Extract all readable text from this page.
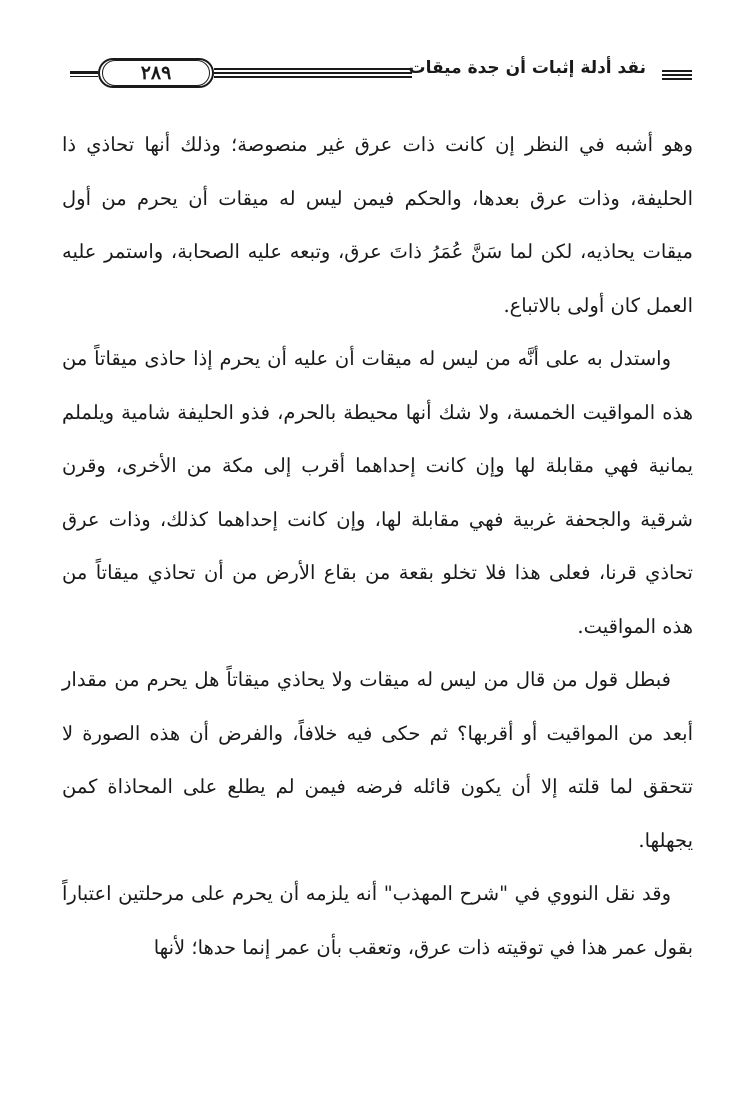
٢٨٩	نقد أدلة إثبات أن جدة ميقات

وهو أشبه في النظر إن كانت ذات عرق غير منصوصة؛ وذلك أنها تحاذي ذا الحليفة، وذات عرق بعدها، والحكم فيمن ليس له ميقات أن يحرم من أول ميقات يحاذيه، لكن لما سَنَّ عُمَرُ ذاتَ عرق، وتبعه عليه الصحابة، واستمر عليه العمل كان أولى بالاتباع.

واستدل به على أنَّه من ليس له ميقات أن عليه أن يحرم إذا حاذى ميقاتاً من هذه المواقيت الخمسة، ولا شك أنها محيطة بالحرم، فذو الحليفة شامية ويلملم يمانية فهي مقابلة لها وإن كانت إحداهما أقرب إلى مكة من الأخرى، وقرن شرقية والجحفة غربية فهي مقابلة لها، وإن كانت إحداهما كذلك، وذات عرق تحاذي قرنا، فعلى هذا فلا تخلو بقعة من بقاع الأرض من أن تحاذي ميقاتاً من هذه المواقيت.

فبطل قول من قال من ليس له ميقات ولا يحاذي ميقاتاً هل يحرم من مقدار أبعد من المواقيت أو أقربها؟ ثم حكى فيه خلافاً، والفرض أن هذه الصورة لا تتحقق لما قلته إلا أن يكون قائله فرضه فيمن لم يطلع على المحاذاة كمن يجهلها.

وقد نقل النووي في "شرح المهذب" أنه يلزمه أن يحرم على مرحلتين اعتباراً بقول عمر هذا في توقيته ذات عرق، وتعقب بأن عمر إنما حدها؛ لأنها
